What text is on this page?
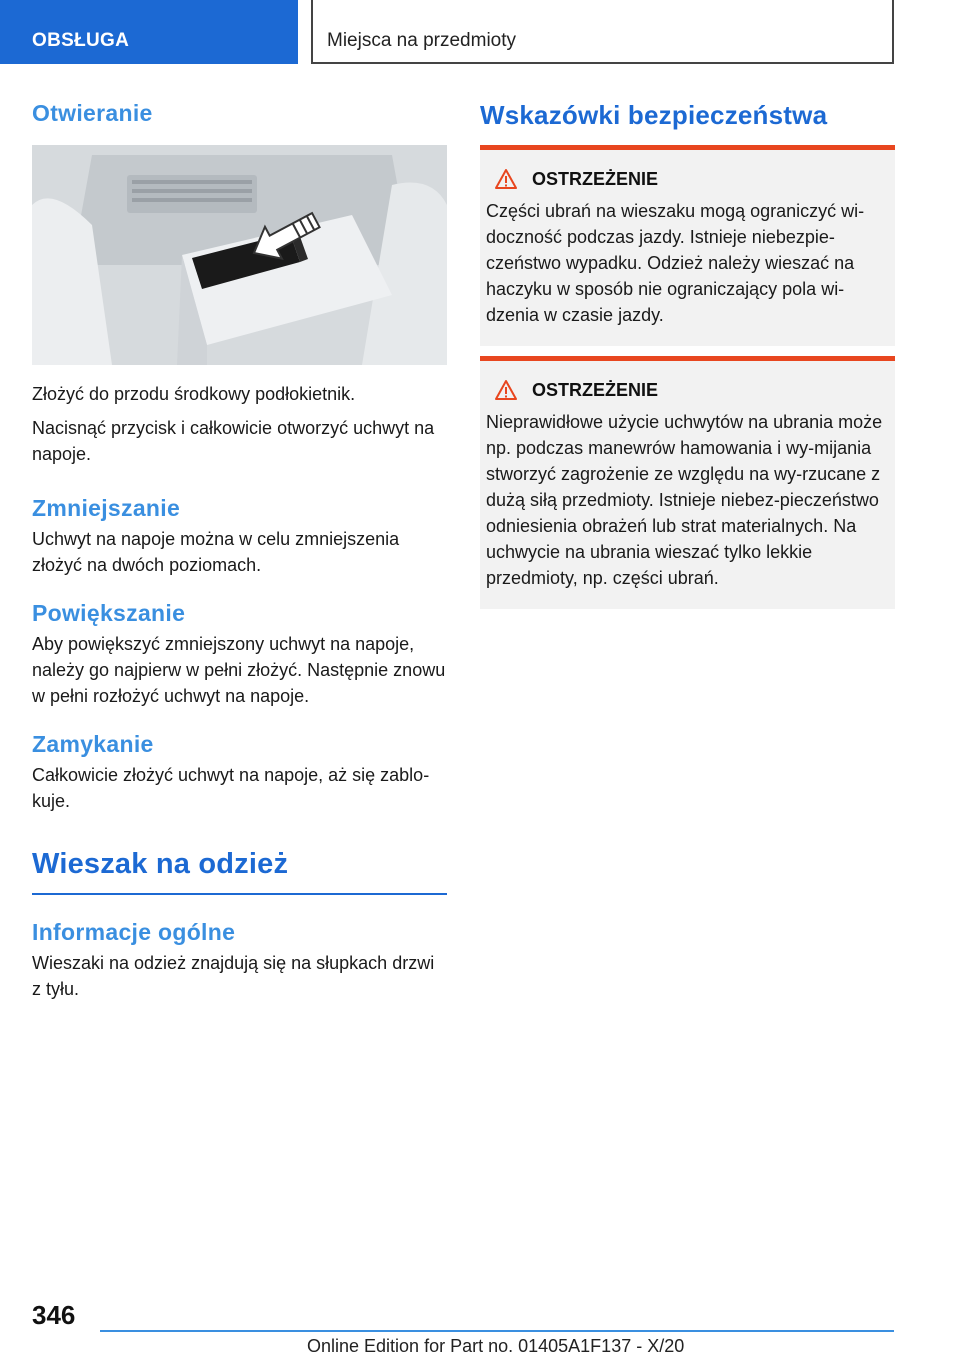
OBSŁUGA	Miejsca na przedmioty
Otwieranie

Złożyć do przodu środkowy podłokietnik.

Nacisnąć przycisk i całkowicie otworzyć uchwyt na napoje.

Zmniejszanie

Uchwyt na napoje można w celu zmniejszenia złożyć na dwóch poziomach.

Powiększanie

Aby powiększyć zmniejszony uchwyt na napoje, należy go najpierw w pełni złożyć. Następnie znowu w pełni rozłożyć uchwyt na napoje.

Zamykanie

Całkowicie złożyć uchwyt na napoje, aż się zablo-kuje.

Wieszak na odzież
Informacje ogólne

Wieszaki na odzież znajdują się na słupkach drzwi z tyłu.

Wskazówki bezpieczeństwa
OSTRZEŻENIE

Części ubrań na wieszaku mogą ograniczyć wi-doczność podczas jazdy. Istnieje niebezpie-czeństwo wypadku. Odzież należy wieszać na haczyku w sposób nie ograniczający pola wi-dzenia w czasie jazdy.

OSTRZEŻENIE

Nieprawidłowe użycie uchwytów na ubrania może np. podczas manewrów hamowania i wy-mijania stworzyć zagrożenie ze względu na wy-rzucane z dużą siłą przedmioty. Istnieje niebez-pieczeństwo odniesienia obrażeń lub strat materialnych. Na uchwycie na ubrania wieszać tylko lekkie przedmioty, np. części ubrań.

346
Online Edition for Part no. 01405A1F137 - X/20
